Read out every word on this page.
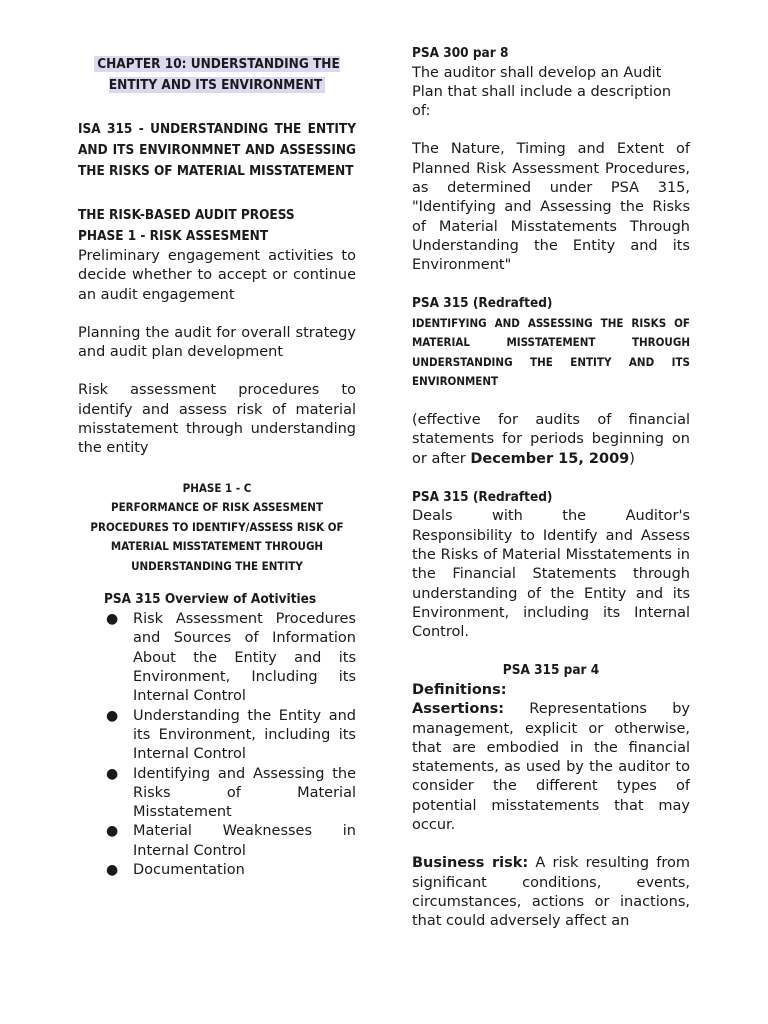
CHAPTER 10: UNDERSTANDING THE ENTITY AND ITS ENVIRONMENT
ISA 315 - UNDERSTANDING THE ENTITY AND ITS ENVIRONMNET AND ASSESSING THE RISKS OF MATERIAL MISSTATEMENT
THE RISK-BASED AUDIT PROESS
PHASE 1 - RISK ASSESMENT

Preliminary engagement activities to decide whether to accept or continue an audit engagement

Planning the audit for overall strategy and audit plan development

Risk assessment procedures to identify and assess risk of material misstatement through understanding the entity

PHASE 1 - C
PERFORMANCE OF RISK ASSESMENT PROCEDURES TO IDENTIFY/ASSESS RISK OF MATERIAL MISSTATEMENT THROUGH UNDERSTANDING THE ENTITY
PSA 315 Overview of Aotivities
● Risk Assessment Procedures and Sources of Information About the Entity and its Environment, Including its Internal Control
● Understanding the Entity and its Environment, including its Internal Control
● Identifying and Assessing the Risks of Material Misstatement
● Material Weaknesses in Internal Control
● Documentation
PSA 300 par 8

The auditor shall develop an Audit Plan that shall include a description of:

The Nature, Timing and Extent of Planned Risk Assessment Procedures, as determined under PSA 315, "Identifying and Assessing the Risks of Material Misstatements Through Understanding the Entity and its Environment"

PSA 315 (Redrafted)
IDENTIFYING AND ASSESSING THE RISKS OF MATERIAL MISSTATEMENT THROUGH UNDERSTANDING THE ENTITY AND ITS ENVIRONMENT

(effective for audits of financial statements for periods beginning on or after December 15, 2009)

PSA 315 (Redrafted)

Deals with the Auditor's Responsibility to Identify and Assess the Risks of Material Misstatements in the Financial Statements through understanding of the Entity and its Environment, including its Internal Control.

PSA 315 par 4

Definitions:

Assertions: Representations by management, explicit or otherwise, that are embodied in the financial statements, as used by the auditor to consider the different types of potential misstatements that may occur.

Business risk: A risk resulting from significant conditions, events, circumstances, actions or inactions, that could adversely affect an
